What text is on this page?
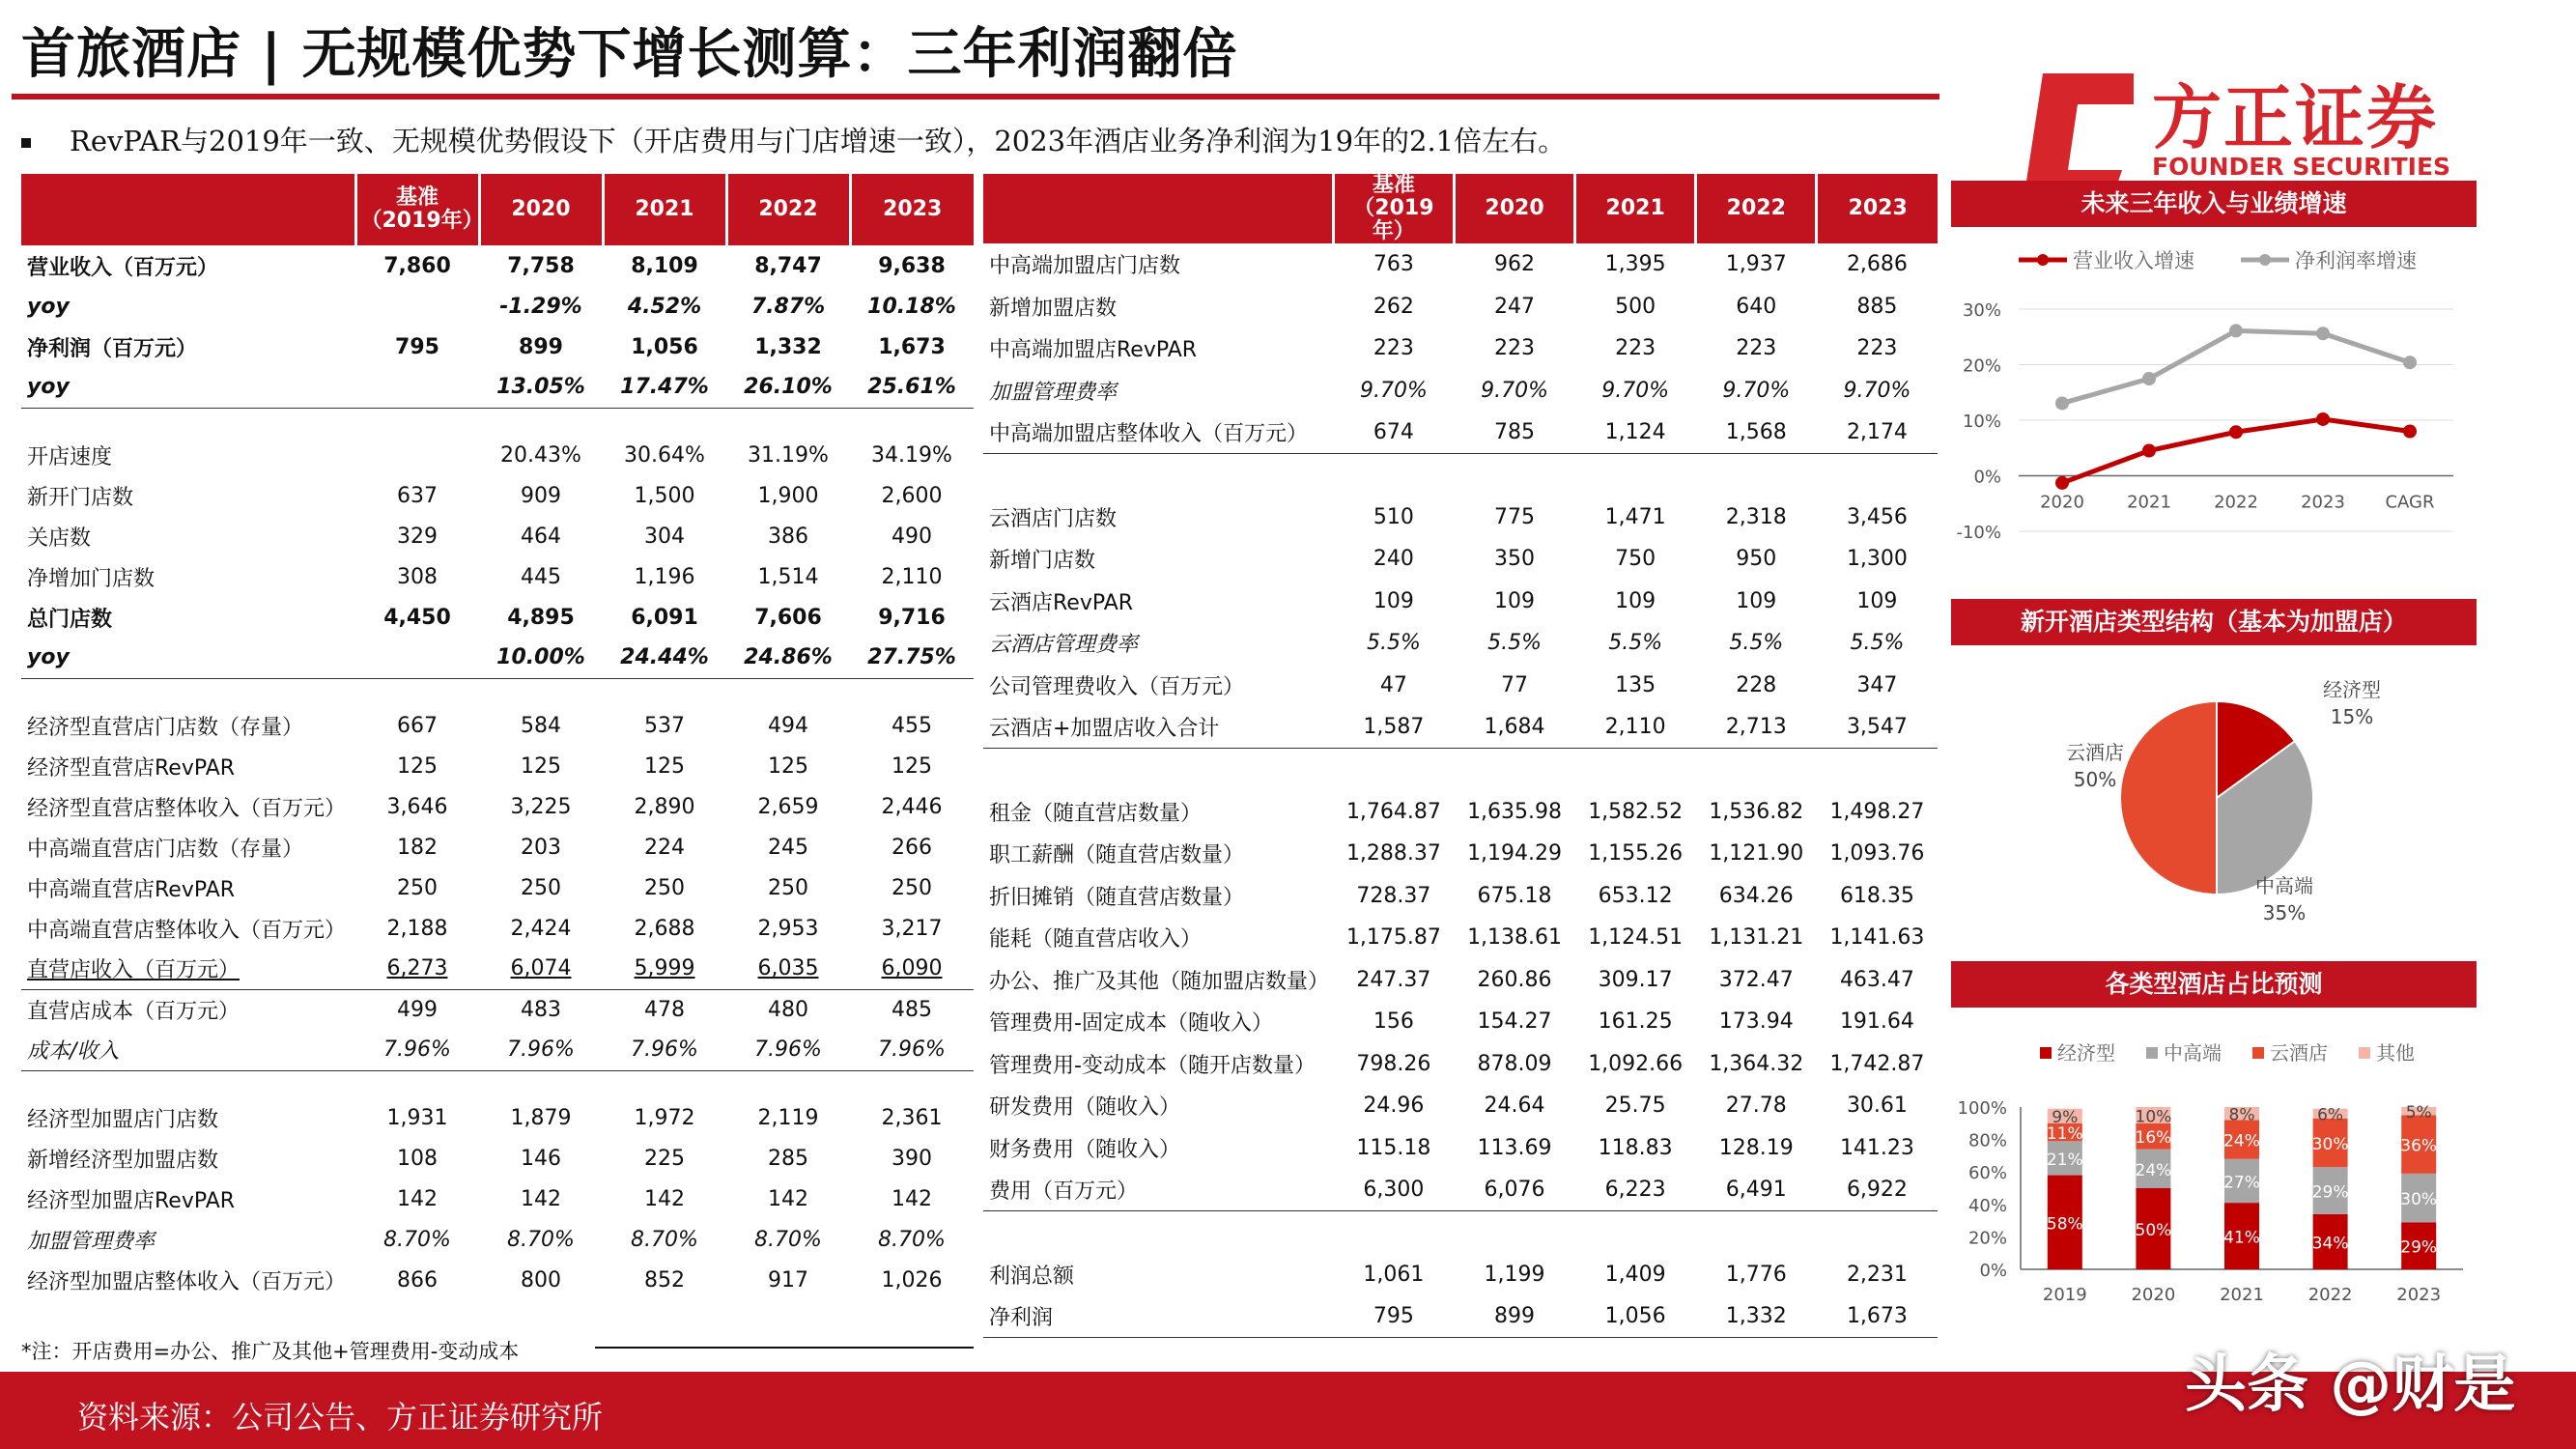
首旅酒店 | 无规模优势下增长测算：三年利润翻倍
方正证券
FOUNDER SECURITIES
RevPAR与2019年一致、无规模优势假设下（开店费用与门店增速一致），2023年酒店业务净利润为19年的2.1倍左右。
	基准（2019年）	2020	2021	2022	2023
营业收入（百万元）	7,860	7,758	8,109	8,747	9,638
yoy		-1.29%	4.52%	7.87%	10.18%
净利润（百万元）	795	899	1,056	1,332	1,673
yoy		13.05%	17.47%	26.10%	25.61%

开店速度		20.43%	30.64%	31.19%	34.19%
新开门店数	637	909	1,500	1,900	2,600
关店数	329	464	304	386	490
净增加门店数	308	445	1,196	1,514	2,110
总门店数	4,450	4,895	6,091	7,606	9,716
yoy		10.00%	24.44%	24.86%	27.75%

经济型直营店门店数（存量）	667	584	537	494	455
经济型直营店RevPAR	125	125	125	125	125
经济型直营店整体收入（百万元）	3,646	3,225	2,890	2,659	2,446
中高端直营店门店数（存量）	182	203	224	245	266
中高端直营店RevPAR	250	250	250	250	250
中高端直营店整体收入（百万元）	2,188	2,424	2,688	2,953	3,217
直营店收入（百万元）	6,273	6,074	5,999	6,035	6,090
直营店成本（百万元）	499	483	478	480	485
成本/收入	7.96%	7.96%	7.96%	7.96%	7.96%

经济型加盟店门店数	1,931	1,879	1,972	2,119	2,361
新增经济型加盟店数	108	146	225	285	390
经济型加盟店RevPAR	142	142	142	142	142
加盟管理费率	8.70%	8.70%	8.70%	8.70%	8.70%
经济型加盟店整体收入（百万元）	866	800	852	917	1,026
	基准（2019年）	2020	2021	2022	2023
中高端加盟店门店数	763	962	1,395	1,937	2,686
新增加盟店数	262	247	500	640	885
中高端加盟店RevPAR	223	223	223	223	223
加盟管理费率	9.70%	9.70%	9.70%	9.70%	9.70%
中高端加盟店整体收入（百万元）	674	785	1,124	1,568	2,174

云酒店门店数	510	775	1,471	2,318	3,456
新增门店数	240	350	750	950	1,300
云酒店RevPAR	109	109	109	109	109
云酒店管理费率	5.5%	5.5%	5.5%	5.5%	5.5%
公司管理费收入（百万元）	47	77	135	228	347
云酒店+加盟店收入合计	1,587	1,684	2,110	2,713	3,547

租金（随直营店数量）	1,764.87	1,635.98	1,582.52	1,536.82	1,498.27
职工薪酬（随直营店数量）	1,288.37	1,194.29	1,155.26	1,121.90	1,093.76
折旧摊销（随直营店数量）	728.37	675.18	653.12	634.26	618.35
能耗（随直营店收入）	1,175.87	1,138.61	1,124.51	1,131.21	1,141.63
办公、推广及其他（随加盟店数量）	247.37	260.86	309.17	372.47	463.47
管理费用-固定成本（随收入）	156	154.27	161.25	173.94	191.64
管理费用-变动成本（随开店数量）	798.26	878.09	1,092.66	1,364.32	1,742.87
研发费用（随收入）	24.96	24.64	25.75	27.78	30.61
财务费用（随收入）	115.18	113.69	118.83	128.19	141.23
费用（百万元）	6,300	6,076	6,223	6,491	6,922

利润总额	1,061	1,199	1,409	1,776	2,231
净利润	795	899	1,056	1,332	1,673
*注：开店费用=办公、推广及其他+管理费用-变动成本
未来三年收入与业绩增速
-10%
0%
10%
20%
30%
2020 2021 2022 2023 CAGR
营业收入增速	净利润率增速
新开酒店类型结构（基本为加盟店）
经济型
15%
中高端
35%
云酒店
50%
各类型酒店占比预测
0%
20%
40%
60%
80%
100%
2019
58%
21%
11%
9%
2020
50%
24%
16%
10%
2021
41%
27%
24%
8%
2022
34%
29%
30%
6%
2023
29%
30%
36%
5%
经济型	中高端	云酒店	其他
资料来源：公司公告、方正证券研究所	头条 @财是
